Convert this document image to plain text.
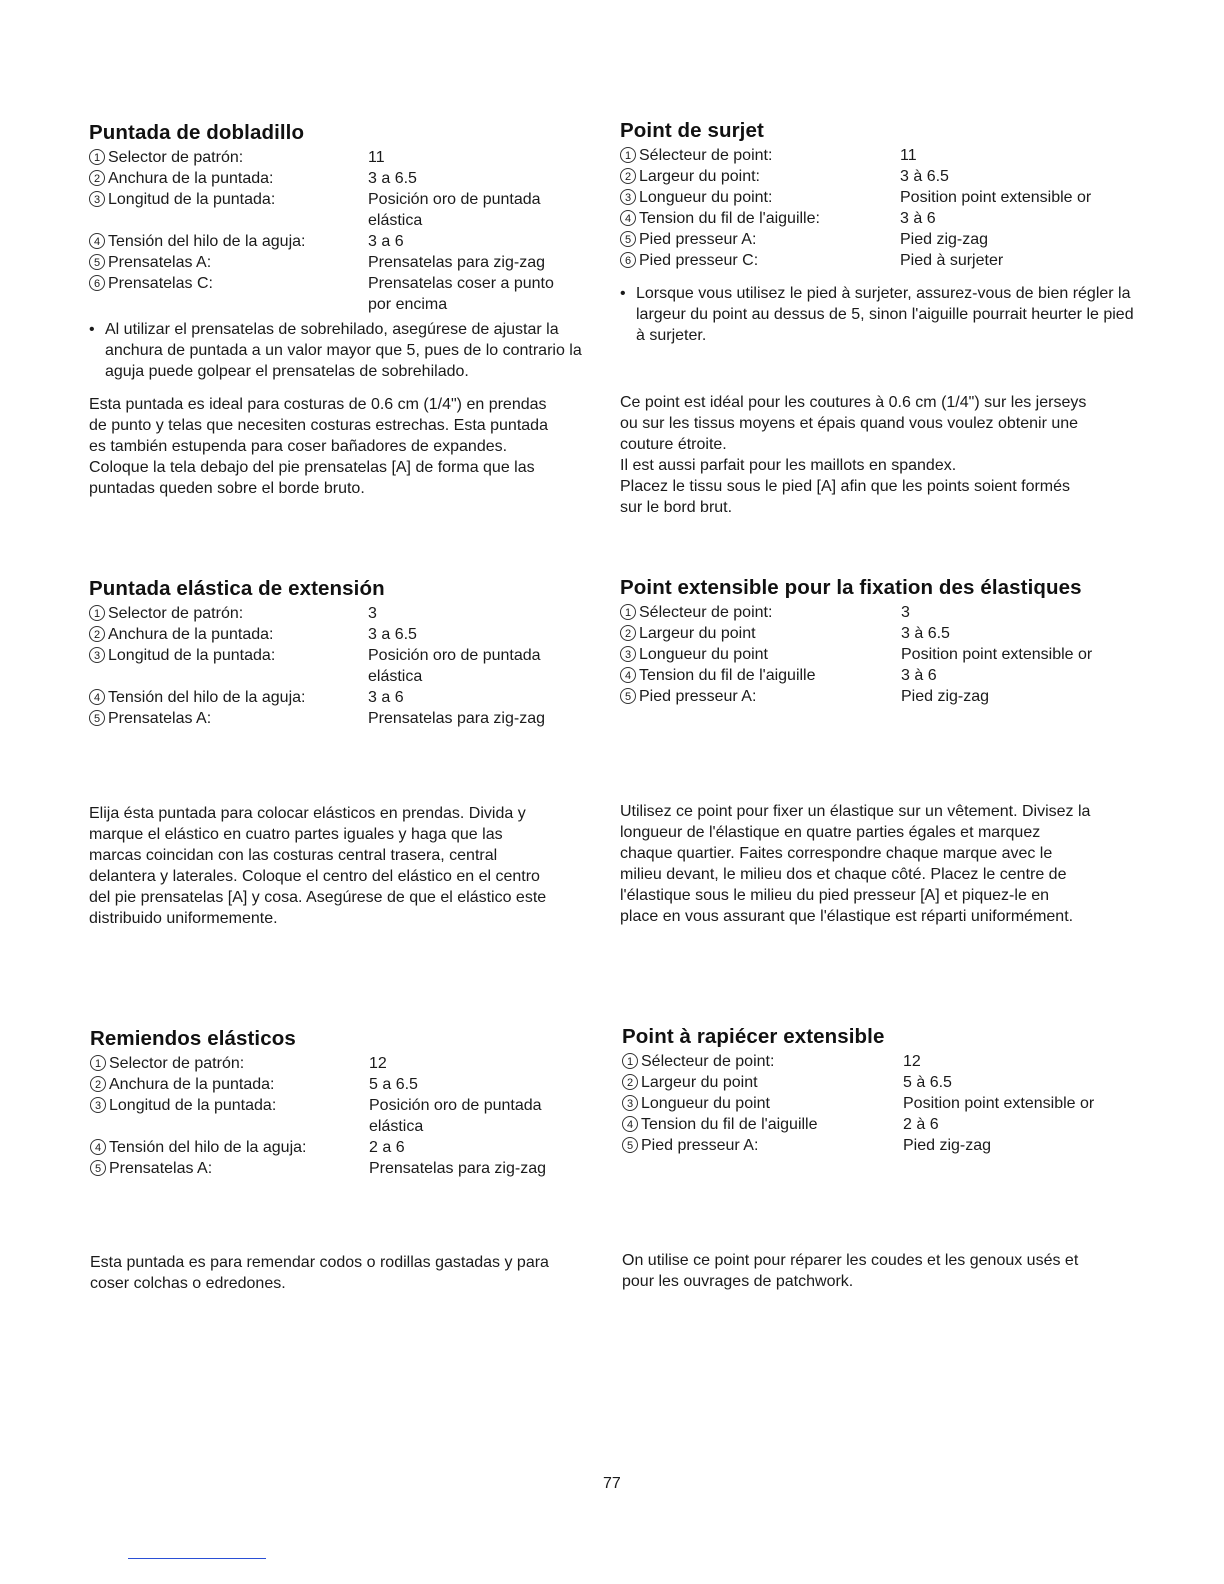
Puntada de dobladillo
1 Selector de patrón:	11
2 Anchura de la puntada:	3 a 6.5
3 Longitud de la puntada:	Posición oro de puntada
elástica
4 Tensión del hilo de la aguja:	3 a 6
5 Prensatelas A:	Prensatelas para zig-zag
6 Prensatelas C:	Prensatelas coser a punto
por encima
• Al utilizar el prensatelas de sobrehilado, asegúrese de ajustar la anchura de puntada a un valor mayor que 5, pues de lo contrario la aguja puede golpear el prensatelas de sobrehilado.
Esta puntada es ideal para costuras de 0.6 cm (1/4") en prendas
de punto y telas que necesiten costuras estrechas. Esta puntada
es también estupenda para coser bañadores de expandes.
Coloque la tela debajo del pie prensatelas [A] de forma que las
puntadas queden sobre el borde bruto.
Point de surjet
1 Sélecteur de point:	11
2 Largeur du point:	3 à 6.5
3 Longueur du point:	Position point extensible or
4 Tension du fil de l'aiguille:	3 à 6
5 Pied presseur A:	Pied zig-zag
6 Pied presseur C:	Pied à surjeter
• Lorsque vous utilisez le pied à surjeter, assurez-vous de bien régler la largeur du point au dessus de 5, sinon l'aiguille pourrait heurter le pied à surjeter.
Ce point est idéal pour les coutures à 0.6 cm (1/4") sur les jerseys
ou sur les tissus moyens et épais quand vous voulez obtenir une
couture étroite.
Il est aussi parfait pour les maillots en spandex.
Placez le tissu sous le pied [A] afin que les points soient formés
sur le bord brut.
Puntada elástica de extensión
1 Selector de patrón:	3
2 Anchura de la puntada:	3 a 6.5
3 Longitud de la puntada:	Posición oro de puntada
elástica
4 Tensión del hilo de la aguja:	3 a 6
5 Prensatelas A:	Prensatelas para zig-zag
Elija ésta puntada para colocar elásticos en prendas. Divida y
marque el elástico en cuatro partes iguales y haga que las
marcas coincidan con las costuras central trasera, central
delantera y laterales. Coloque el centro del elástico en el centro
del pie prensatelas [A] y cosa. Asegúrese de que el elástico este
distribuido uniformemente.
Point extensible pour la fixation des élastiques
1 Sélecteur de point:	3
2 Largeur du point	3 à 6.5
3 Longueur du point	Position point extensible or
4 Tension du fil de l'aiguille	3 à 6
5 Pied presseur A:	Pied zig-zag
Utilisez ce point pour fixer un élastique sur un vêtement. Divisez la
longueur de l'élastique en quatre parties égales et marquez
chaque quartier. Faites correspondre chaque marque avec le
milieu devant, le milieu dos et chaque côté. Placez le centre de
l'élastique sous le milieu du pied presseur [A] et piquez-le en
place en vous assurant que l'élastique est réparti uniformément.
Remiendos elásticos
1 Selector de patrón:	12
2 Anchura de la puntada:	5 a 6.5
3 Longitud de la puntada:	Posición oro de puntada
elástica
4 Tensión del hilo de la aguja:	2 a 6
5 Prensatelas A:	Prensatelas para zig-zag
Esta puntada es para remendar codos o rodillas gastadas y para
coser colchas o edredones.
Point à rapiécer extensible
1 Sélecteur de point:	12
2 Largeur du point	5 à 6.5
3 Longueur du point	Position point extensible or
4 Tension du fil de l'aiguille	2 à 6
5 Pied presseur A:	Pied zig-zag
On utilise ce point pour réparer les coudes et les genoux usés et
pour les ouvrages de patchwork.
77
